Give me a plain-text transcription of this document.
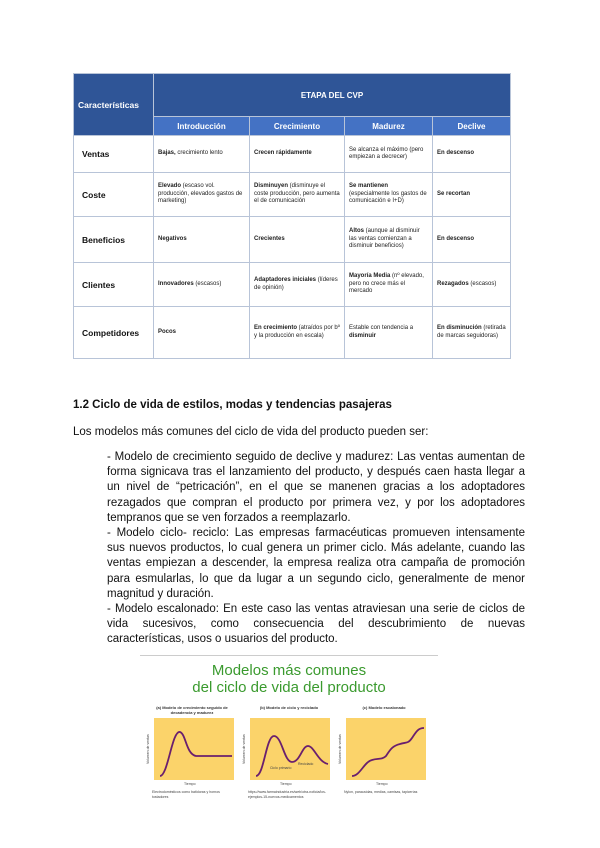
Características	ETAPA DEL CVP			
	Introducción	Crecimiento	Madurez	Declive
Ventas	Bajas, crecimiento lento	Crecen rápidamente	Se alcanza el máximo (pero empiezan a decrecer)	En descenso
Coste	Elevado (escaso vol. producción, elevados gastos de marketing)	Disminuyen (disminuye el coste producción, pero aumenta el de comunicación	Se mantienen (especialmente los gastos de comunicación e I+D)	Se recortan
Beneficios	Negativos	Crecientes	Altos (aunque al disminuir las ventas comienzan a disminuir beneficios)	En descenso
Clientes	Innovadores (escasos)	Adaptadores iniciales (líderes de opinión)	Mayoría Media (nº elevado, pero no crece más el mercado	Rezagados (escasos)
Competidores	Pocos	En crecimiento (atraídos por bº y la producción en escala)	Estable con tendencia a disminuir	En disminución (retirada de marcas seguidoras)
1.2 Ciclo de vida de estilos, modas y tendencias pasajeras

Los modelos más comunes del ciclo de vida del producto pueden ser:

- Modelo de crecimiento seguido de declive y madurez: Las ventas aumentan de forma signicava tras el lanzamiento del producto, y después caen hasta llegar a un nivel de “petricación”, en el que se manenen gracias a los adoptadores rezagados que compran el producto por primera vez, y por los adoptadores tempranos que se ven forzados a reemplazarlo.

- Modelo ciclo- reciclo: Las empresas farmacéuticas promueven intensamente sus nuevos productos, lo cual genera un primer ciclo. Más adelante, cuando las ventas empiezan a descender, la empresa realiza otra campaña de promoción para esmularlas, lo que da lugar a un segundo ciclo, generalmente de menor magnitud y duración.

- Modelo escalonado: En este caso las ventas atraviesan una serie de ciclos de vida sucesivos, como consecuencia del descubrimiento de nuevas características, usos o usuarios del producto.

Modelos más comunes

del ciclo de vida del producto

(a) Modelo de crecimiento seguido de decadencia y madurez
Volumen de ventas
Tiempo
Electrodomésticos como batidoras y hornos tostadores
(b) Modelo de ciclo y reciclado
Ciclo primario
Reciclado
Volumen de ventas
Tiempo
https://www.farmaindustria.es/web/otra-noticia/los-ejemplos-15-nuevos-medicamentos
(c) Modelo escalonado
Volumen de ventas
Tiempo
Nylon, paracaídas, medias, camisas, tapicerías
